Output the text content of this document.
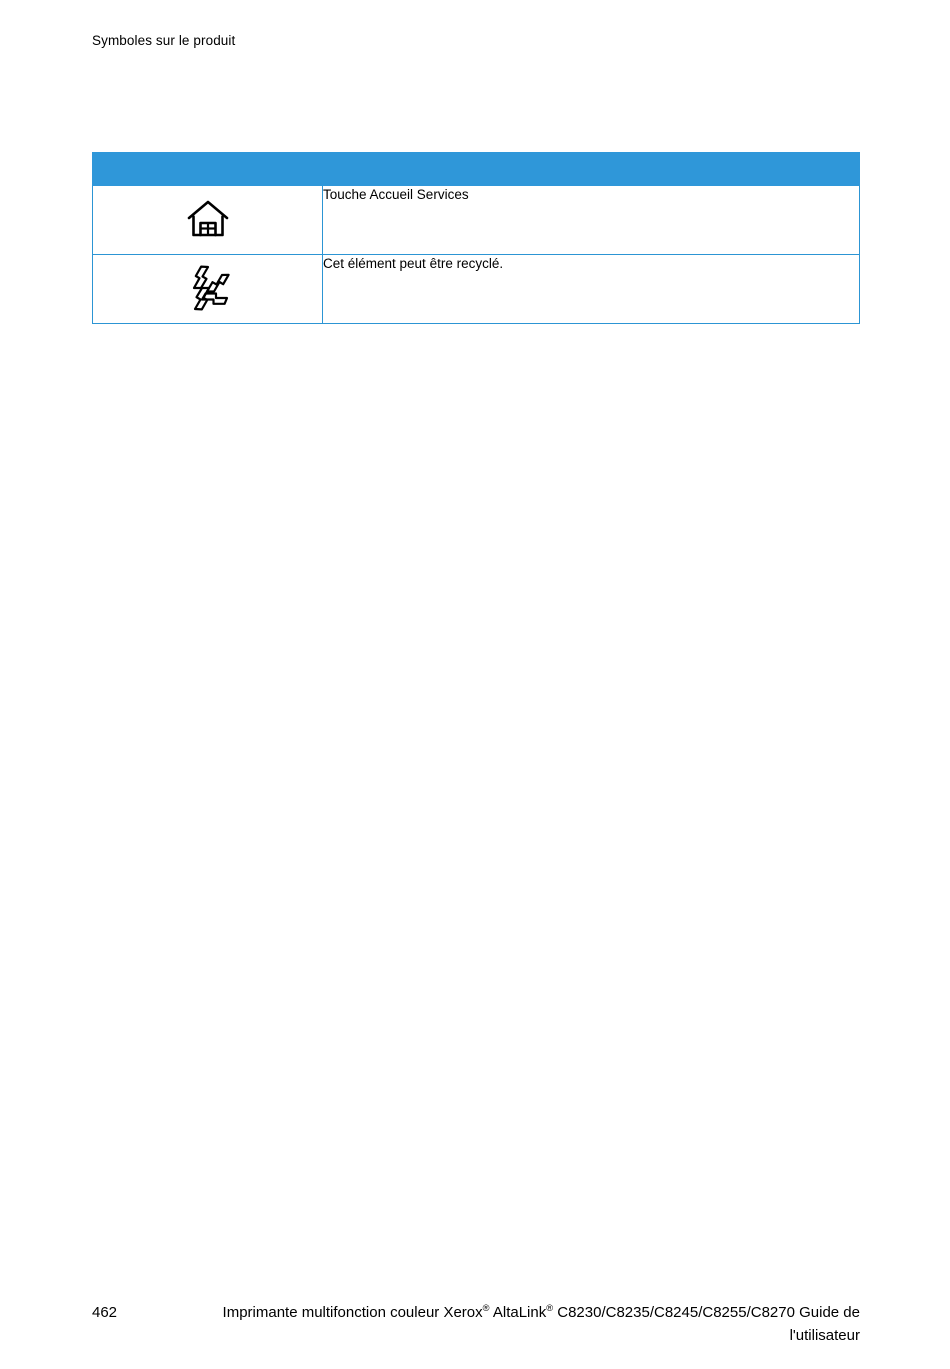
Symboles sur le produit

	Touche Accueil Services

	Cet élément peut être recyclé.
462	Imprimante multifonction couleur Xerox® AltaLink® C8230/C8235/C8245/C8255/C8270 Guide de
l'utilisateur
